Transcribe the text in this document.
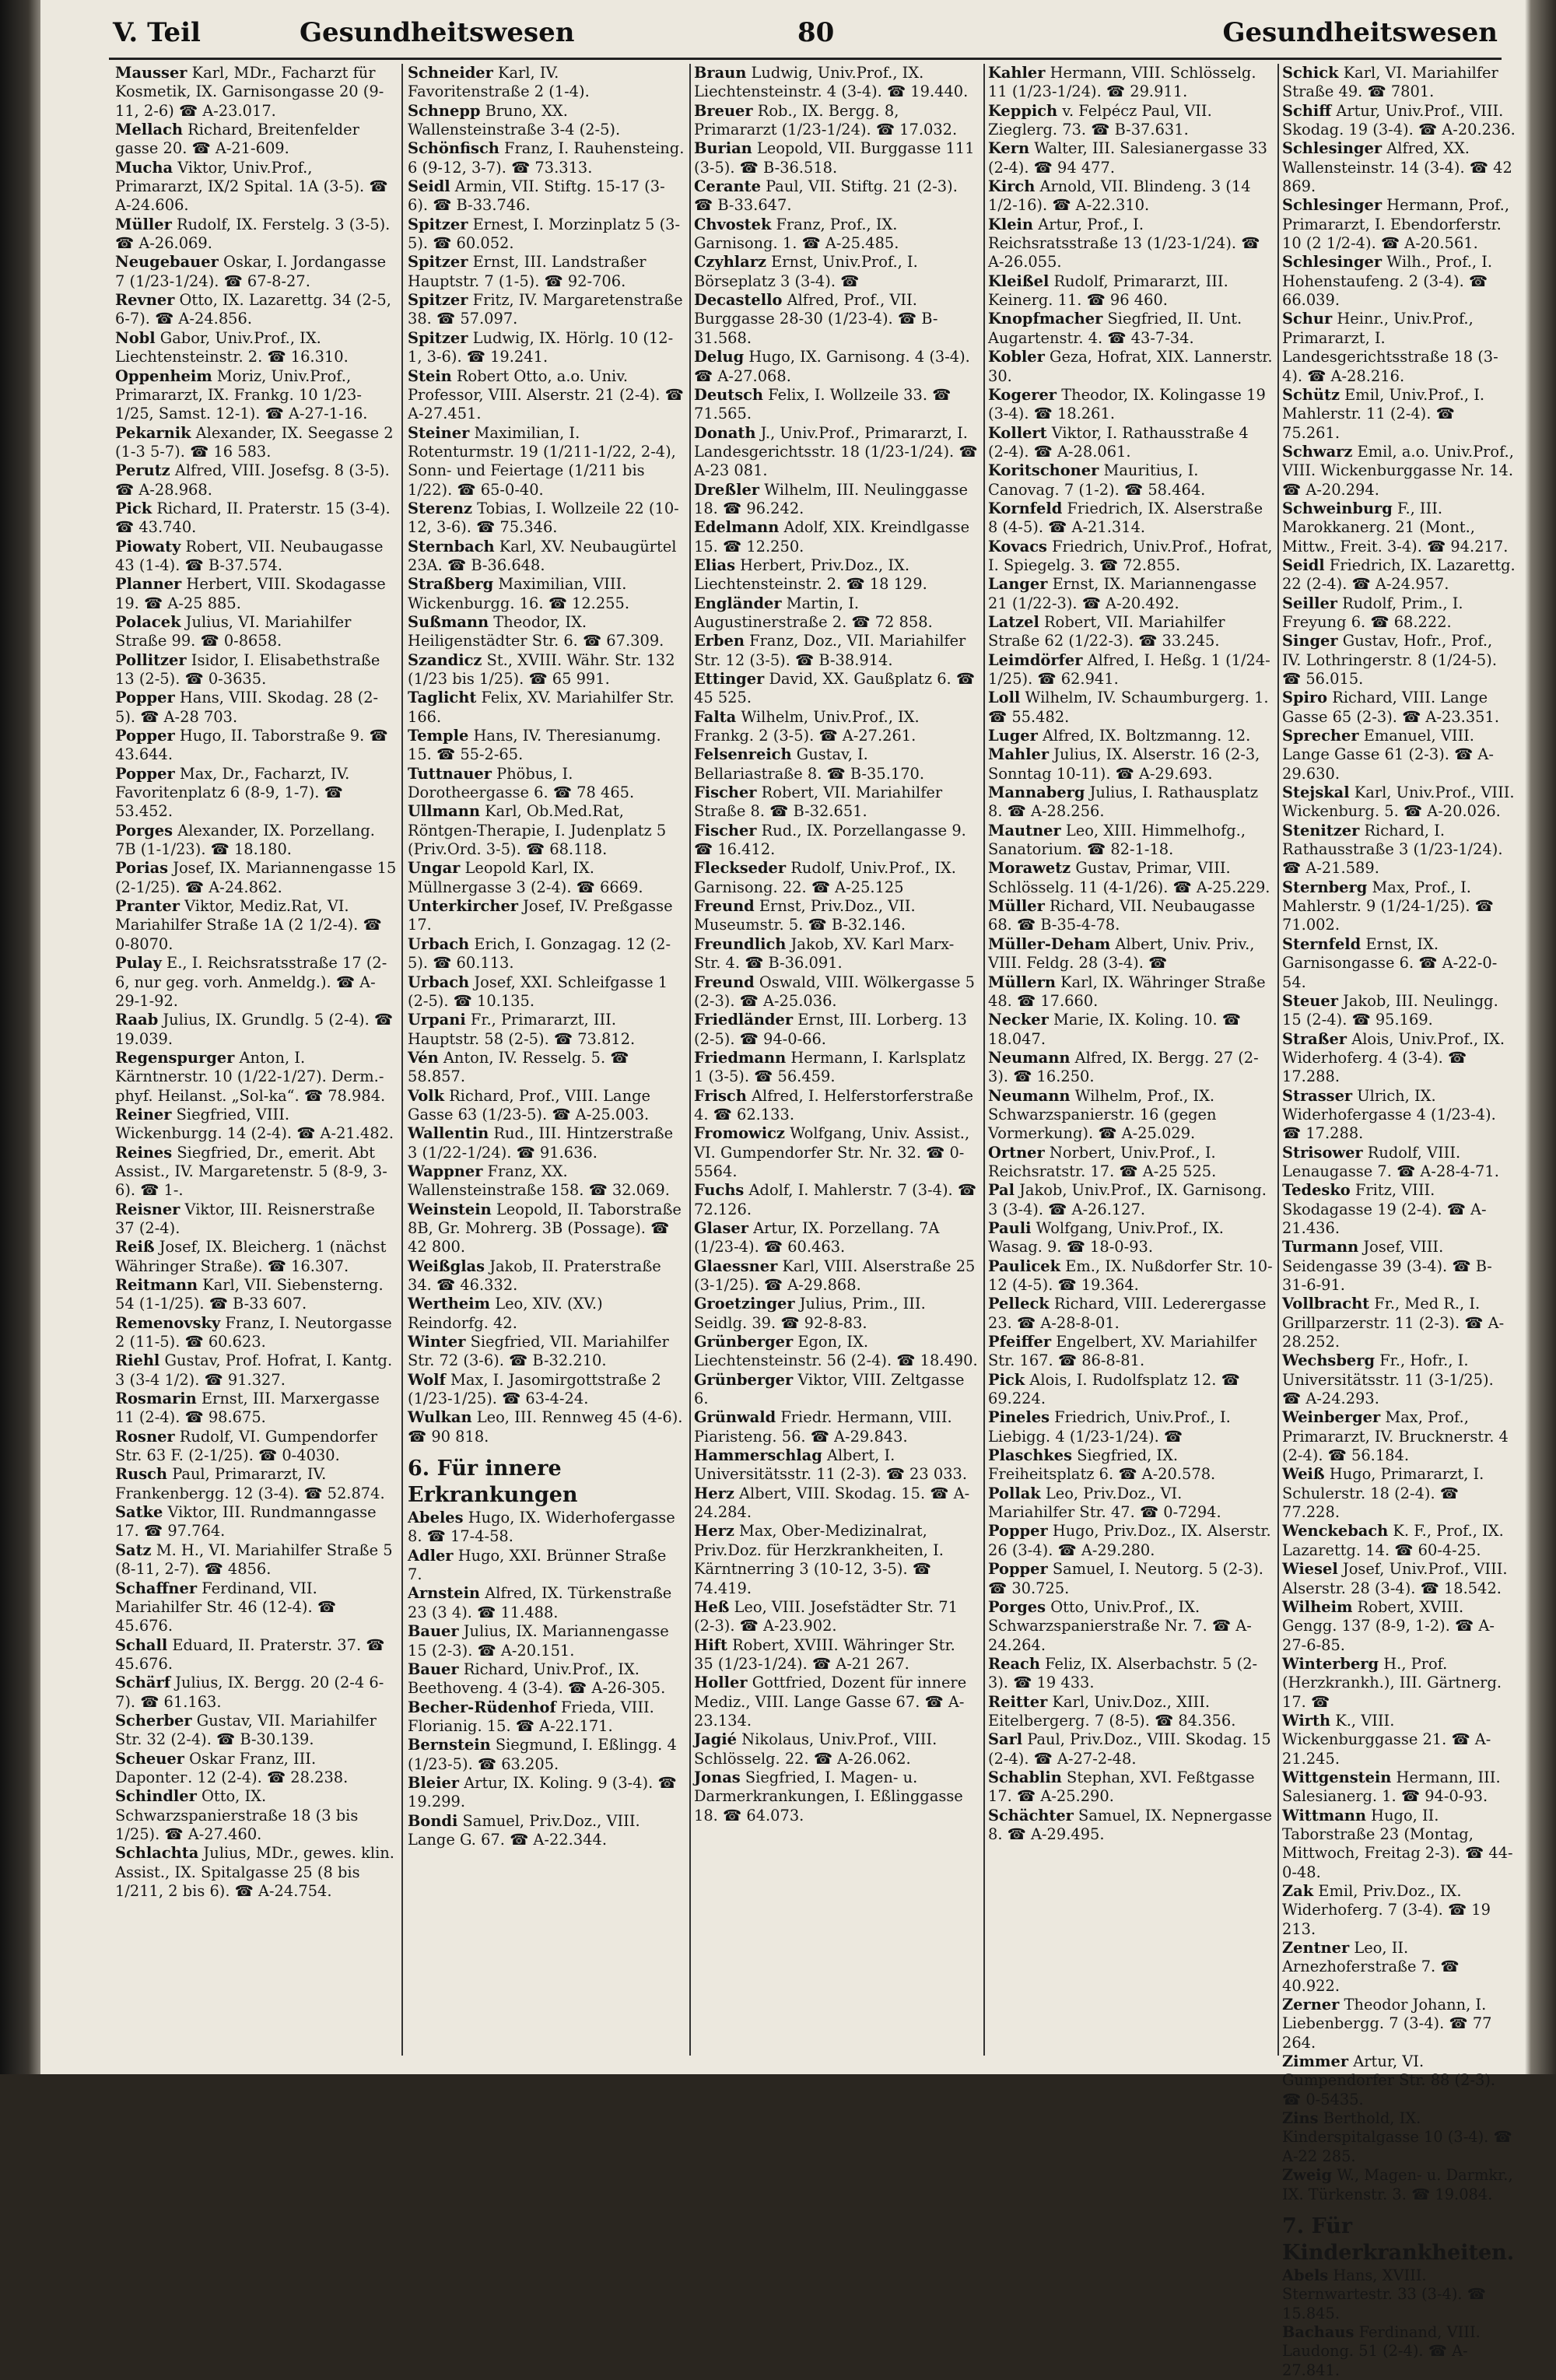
V. Teil	Gesundheitswesen	80	Gesundheitswesen
Mausser Karl, MDr., Facharzt für Kosmetik, IX. Garnisongasse 20 (9-11, 2-6) ☎ A-23.017.
Mellach Richard, Breitenfelder gasse 20. ☎ A-21-609.
Mucha Viktor, Univ.Prof., Primararzt, IX/2 Spital. 1A (3-5). ☎ A-24.606.
Müller Rudolf, IX. Ferstelg. 3 (3-5). ☎ A-26.069.
Neugebauer Oskar, I. Jordangasse 7 (1/23-1/24). ☎ 67-8-27.
Revner Otto, IX. Lazarettg. 34 (2-5, 6-7). ☎ A-24.856.
Nobl Gabor, Univ.Prof., IX. Liechtensteinstr. 2. ☎ 16.310.
Oppenheim Moriz, Univ.Prof., Primararzt, IX. Frankg. 10 1/23-1/25, Samst. 12-1). ☎ A-27-1-16.
Pekarnik Alexander, IX. Seegasse 2 (1-3 5-7). ☎ 16 583.
Perutz Alfred, VIII. Josefsg. 8 (3-5). ☎ A-28.968.
Pick Richard, II. Praterstr. 15 (3-4). ☎ 43.740.
Piowaty Robert, VII. Neubaugasse 43 (1-4). ☎ B-37.574.
Planner Herbert, VIII. Skodagasse 19. ☎ A-25 885.
Polacek Julius, VI. Mariahilfer Straße 99. ☎ 0-8658.
Pollitzer Isidor, I. Elisabethstraße 13 (2-5). ☎ 0-3635.
Popper Hans, VIII. Skodag. 28 (2-5). ☎ A-28 703.
Popper Hugo, II. Taborstraße 9. ☎ 43.644.
Popper Max, Dr., Facharzt, IV. Favoritenplatz 6 (8-9, 1-7). ☎ 53.452.
Porges Alexander, IX. Porzellang. 7B (1-1/23). ☎ 18.180.
Porias Josef, IX. Mariannengasse 15 (2-1/25). ☎ A-24.862.
Pranter Viktor, Mediz.Rat, VI. Mariahilfer Straße 1A (2 1/2-4). ☎ 0-8070.
Pulay E., I. Reichsratsstraße 17 (2-6, nur geg. vorh. Anmeldg.). ☎ A-29-1-92.
Raab Julius, IX. Grundlg. 5 (2-4). ☎ 19.039.
Regenspurger Anton, I. Kärntnerstr. 10 (1/22-1/27). Derm.-phyf. Heilanst. „Sol-ka“. ☎ 78.984.
Reiner Siegfried, VIII. Wickenburgg. 14 (2-4). ☎ A-21.482.
Reines Siegfried, Dr., emerit. Abt Assist., IV. Margaretenstr. 5 (8-9, 3-6). ☎ 1-.
Reisner Viktor, III. Reisnerstraße 37 (2-4).
Reiß Josef, IX. Bleicherg. 1 (nächst Währinger Straße). ☎ 16.307.
Reitmann Karl, VII. Siebensterng. 54 (1-1/25). ☎ B-33 607.
Remenovsky Franz, I. Neutorgasse 2 (11-5). ☎ 60.623.
Riehl Gustav, Prof. Hofrat, I. Kantg. 3 (3-4 1/2). ☎ 91.327.
Rosmarin Ernst, III. Marxergasse 11 (2-4). ☎ 98.675.
Rosner Rudolf, VI. Gumpendorfer Str. 63 F. (2-1/25). ☎ 0-4030.
Rusch Paul, Primararzt, IV. Frankenbergg. 12 (3-4). ☎ 52.874.
Satke Viktor, III. Rundmanngasse 17. ☎ 97.764.
Satz M. H., VI. Mariahilfer Straße 5 (8-11, 2-7). ☎ 4856.
Schaffner Ferdinand, VII. Mariahilfer Str. 46 (12-4). ☎ 45.676.
Schall Eduard, II. Praterstr. 37. ☎ 45.676.
Schärf Julius, IX. Bergg. 20 (2-4 6-7). ☎ 61.163.
Scherber Gustav, VII. Mariahilfer Str. 32 (2-4). ☎ B-30.139.
Scheuer Oskar Franz, III. Dapontег. 12 (2-4). ☎ 28.238.
Schindler Otto, IX. Schwarzspanierstraße 18 (3 bis 1/25). ☎ A-27.460.
Schlachta Julius, MDr., gewes. klin. Assist., IX. Spitalgasse 25 (8 bis 1/211, 2 bis 6). ☎ A-24.754.
Schneider Karl, IV. Favoritenstraße 2 (1-4).
Schnepp Bruno, XX. Wallensteinstraße 3-4 (2-5).
Schönfisch Franz, I. Rauhensteing. 6 (9-12, 3-7). ☎ 73.313.
Seidl Armin, VII. Stiftg. 15-17 (3-6). ☎ B-33.746.
Spitzer Ernest, I. Morzinplatz 5 (3-5). ☎ 60.052.
Spitzer Ernst, III. Landstraßer Hauptstr. 7 (1-5). ☎ 92-706.
Spitzer Fritz, IV. Margaretenstraße 38. ☎ 57.097.
Spitzer Ludwig, IX. Hörlg. 10 (12-1, 3-6). ☎ 19.241.
Stein Robert Otto, a.o. Univ. Professor, VIII. Alserstr. 21 (2-4). ☎ A-27.451.
Steiner Maximilian, I. Rotenturmstr. 19 (1/211-1/22, 2-4), Sonn- und Feiertage (1/211 bis 1/22). ☎ 65-0-40.
Sterenz Tobias, I. Wollzeile 22 (10-12, 3-6). ☎ 75.346.
Sternbach Karl, XV. Neubaugürtel 23A. ☎ B-36.648.
Straßberg Maximilian, VIII. Wickenburgg. 16. ☎ 12.255.
Sußmann Theodor, IX. Heiligenstädter Str. 6. ☎ 67.309.
Szandicz St., XVIII. Währ. Str. 132 (1/23 bis 1/25). ☎ 65 991.
Taglicht Felix, XV. Mariahilfer Str. 166.
Temple Hans, IV. Theresianumg. 15. ☎ 55-2-65.
Tuttnauer Phöbus, I. Dorotheergasse 6. ☎ 78 465.
Ullmann Karl, Ob.Med.Rat, Röntgen-Therapie, I. Judenplatz 5 (Priv.Ord. 3-5). ☎ 68.118.
Ungar Leopold Karl, IX. Müllnergasse 3 (2-4). ☎ 6669.
Unterkircher Josef, IV. Preßgasse 17.
Urbach Erich, I. Gonzagag. 12 (2-5). ☎ 60.113.
Urbach Josef, XXI. Schleifgasse 1 (2-5). ☎ 10.135.
Urpani Fr., Primararzt, III. Hauptstr. 58 (2-5). ☎ 73.812.
Vén Anton, IV. Resselg. 5. ☎ 58.857.
Volk Richard, Prof., VIII. Lange Gasse 63 (1/23-5). ☎ A-25.003.
Wallentin Rud., III. Hintzerstraße 3 (1/22-1/24). ☎ 91.636.
Wappner Franz, XX. Wallensteinstraße 158. ☎ 32.069.
Weinstein Leopold, II. Taborstraße 8B, Gr. Mohrerg. 3B (Possage). ☎ 42 800.
Weißglas Jakob, II. Praterstraße 34. ☎ 46.332.
Wertheim Leo, XIV. (XV.) Reindorfg. 42.
Winter Siegfried, VII. Mariahilfer Str. 72 (3-6). ☎ B-32.210.
Wolf Max, I. Jasomirgottstraße 2 (1/23-1/25). ☎ 63-4-24.
Wulkan Leo, III. Rennweg 45 (4-6). ☎ 90 818.
6. Für innere Erkrankungen
Abeles Hugo, IX. Widerhofergasse 8. ☎ 17-4-58.
Adler Hugo, XXI. Brünner Straße 7.
Arnstein Alfred, IX. Türkenstraße 23 (3 4). ☎ 11.488.
Bauer Julius, IX. Mariannengasse 15 (2-3). ☎ A-20.151.
Bauer Richard, Univ.Prof., IX. Beethoveng. 4 (3-4). ☎ A-26-305.
Becher-Rüdenhof Frieda, VIII. Florianig. 15. ☎ A-22.171.
Bernstein Siegmund, I. Eßlingg. 4 (1/23-5). ☎ 63.205.
Bleier Artur, IX. Koling. 9 (3-4). ☎ 19.299.
Bondi Samuel, Priv.Doz., VIII. Lange G. 67. ☎ A-22.344.
Braun Ludwig, Univ.Prof., IX. Liechtensteinstr. 4 (3-4). ☎ 19.440.
Breuer Rob., IX. Bergg. 8, Primararzt (1/23-1/24). ☎ 17.032.
Burian Leopold, VII. Burggasse 111 (3-5). ☎ B-36.518.
Cerante Paul, VII. Stiftg. 21 (2-3). ☎ B-33.647.
Chvostek Franz, Prof., IX. Garnisong. 1. ☎ A-25.485.
Czyhlarz Ernst, Univ.Prof., I. Börseplatz 3 (3-4). ☎
Decastello Alfred, Prof., VII. Burggasse 28-30 (1/23-4). ☎ B-31.568.
Delug Hugo, IX. Garnisong. 4 (3-4). ☎ A-27.068.
Deutsch Felix, I. Wollzeile 33. ☎ 71.565.
Donath J., Univ.Prof., Primararzt, I. Landesgerichtsstr. 18 (1/23-1/24). ☎ A-23 081.
Dreßler Wilhelm, III. Neulinggasse 18. ☎ 96.242.
Edelmann Adolf, XIX. Kreindlgasse 15. ☎ 12.250.
Elias Herbert, Priv.Doz., IX. Liechtensteinstr. 2. ☎ 18 129.
Engländer Martin, I. Augustinerstraße 2. ☎ 72 858.
Erben Franz, Doz., VII. Mariahilfer Str. 12 (3-5). ☎ B-38.914.
Ettinger David, XX. Gaußplatz 6. ☎ 45 525.
Falta Wilhelm, Univ.Prof., IX. Frankg. 2 (3-5). ☎ A-27.261.
Felsenreich Gustav, I. Bellariastraße 8. ☎ B-35.170.
Fischer Robert, VII. Mariahilfer Straße 8. ☎ B-32.651.
Fischer Rud., IX. Porzellangasse 9. ☎ 16.412.
Fleckseder Rudolf, Univ.Prof., IX. Garnisong. 22. ☎ A-25.125
Freund Ernst, Priv.Doz., VII. Museumstr. 5. ☎ B-32.146.
Freundlich Jakob, XV. Karl Marx-Str. 4. ☎ B-36.091.
Freund Oswald, VIII. Wölkergasse 5 (2-3). ☎ A-25.036.
Friedländer Ernst, III. Lorberg. 13 (2-5). ☎ 94-0-66.
Friedmann Hermann, I. Karlsplatz 1 (3-5). ☎ 56.459.
Frisch Alfred, I. Helferstorferstraße 4. ☎ 62.133.
Fromowicz Wolfgang, Univ. Assist., VI. Gumpendorfer Str. Nr. 32. ☎ 0-5564.
Fuchs Adolf, I. Mahlerstr. 7 (3-4). ☎ 72.126.
Glaser Artur, IX. Porzellang. 7A (1/23-4). ☎ 60.463.
Glaessner Karl, VIII. Alserstraße 25 (3-1/25). ☎ A-29.868.
Groetzinger Julius, Prim., III. Seidlg. 39. ☎ 92-8-83.
Grünberger Egon, IX. Liechtensteinstr. 56 (2-4). ☎ 18.490.
Grünberger Viktor, VIII. Zeltgasse 6.
Grünwald Friedr. Hermann, VIII. Piaristeng. 56. ☎ A-29.843.
Hammerschlag Albert, I. Universitätsstr. 11 (2-3). ☎ 23 033.
Herz Albert, VIII. Skodag. 15. ☎ A-24.284.
Herz Max, Ober-Medizinalrat, Priv.Doz. für Herzkrankheiten, I. Kärntnerring 3 (10-12, 3-5). ☎ 74.419.
Heß Leo, VIII. Josefstädter Str. 71 (2-3). ☎ A-23.902.
Hift Robert, XVIII. Währinger Str. 35 (1/23-1/24). ☎ A-21 267.
Holler Gottfried, Dozent für innere Mediz., VIII. Lange Gasse 67. ☎ A-23.134.
Jagié Nikolaus, Univ.Prof., VIII. Schlösselg. 22. ☎ A-26.062.
Jonas Siegfried, I. Magen- u. Darmerkrankungen, I. Eßlinggasse 18. ☎ 64.073.
Kahler Hermann, VIII. Schlösselg. 11 (1/23-1/24). ☎ 29.911.
Keppich v. Felpécz Paul, VII. Zieglerg. 73. ☎ B-37.631.
Kern Walter, III. Salesianergasse 33 (2-4). ☎ 94 477.
Kirch Arnold, VII. Blindeng. 3 (14 1/2-16). ☎ A-22.310.
Klein Artur, Prof., I. Reichsratsstraße 13 (1/23-1/24). ☎ A-26.055.
Kleißel Rudolf, Primararzt, III. Keinerg. 11. ☎ 96 460.
Knopfmacher Siegfried, II. Unt. Augartenstr. 4. ☎ 43-7-34.
Kobler Geza, Hofrat, XIX. Lannerstr. 30.
Kogerer Theodor, IX. Kolingasse 19 (3-4). ☎ 18.261.
Kollert Viktor, I. Rathausstraße 4 (2-4). ☎ A-28.061.
Koritschoner Mauritius, I. Canovag. 7 (1-2). ☎ 58.464.
Kornfeld Friedrich, IX. Alserstraße 8 (4-5). ☎ A-21.314.
Kovacs Friedrich, Univ.Prof., Hofrat, I. Spiegelg. 3. ☎ 72.855.
Langer Ernst, IX. Mariannengasse 21 (1/22-3). ☎ A-20.492.
Latzel Robert, VII. Mariahilfer Straße 62 (1/22-3). ☎ 33.245.
Leimdörfer Alfred, I. Heßg. 1 (1/24-1/25). ☎ 62.941.
Loll Wilhelm, IV. Schaumburgerg. 1. ☎ 55.482.
Luger Alfred, IX. Boltzmanng. 12.
Mahler Julius, IX. Alserstr. 16 (2-3, Sonntag 10-11). ☎ A-29.693.
Mannaberg Julius, I. Rathausplatz 8. ☎ A-28.256.
Mautner Leo, XIII. Himmelhofg., Sanatorium. ☎ 82-1-18.
Morawetz Gustav, Primar, VIII. Schlösselg. 11 (4-1/26). ☎ A-25.229.
Müller Richard, VII. Neubaugasse 68. ☎ B-35-4-78.
Müller-Deham Albert, Univ. Priv., VIII. Feldg. 28 (3-4). ☎
Müllern Karl, IX. Währinger Straße 48. ☎ 17.660.
Necker Marie, IX. Koling. 10. ☎ 18.047.
Neumann Alfred, IX. Bergg. 27 (2-3). ☎ 16.250.
Neumann Wilhelm, Prof., IX. Schwarzspanierstr. 16 (gegen Vormerkung). ☎ A-25.029.
Ortner Norbert, Univ.Prof., I. Reichsratstr. 17. ☎ A-25 525.
Pal Jakob, Univ.Prof., IX. Garnisong. 3 (3-4). ☎ A-26.127.
Pauli Wolfgang, Univ.Prof., IX. Wasag. 9. ☎ 18-0-93.
Paulicek Em., IX. Nußdorfer Str. 10-12 (4-5). ☎ 19.364.
Pelleck Richard, VIII. Lederergasse 23. ☎ A-28-8-01.
Pfeiffer Engelbert, XV. Mariahilfer Str. 167. ☎ 86-8-81.
Pick Alois, I. Rudolfsplatz 12. ☎ 69.224.
Pineles Friedrich, Univ.Prof., I. Liebigg. 4 (1/23-1/24). ☎
Plaschkes Siegfried, IX. Freiheitsplatz 6. ☎ A-20.578.
Pollak Leo, Priv.Doz., VI. Mariahilfer Str. 47. ☎ 0-7294.
Popper Hugo, Priv.Doz., IX. Alserstr. 26 (3-4). ☎ A-29.280.
Popper Samuel, I. Neutorg. 5 (2-3). ☎ 30.725.
Porges Otto, Univ.Prof., IX. Schwarzspanierstraße Nr. 7. ☎ A-24.264.
Reach Feliz, IX. Alserbachstr. 5 (2-3). ☎ 19 433.
Reitter Karl, Univ.Doz., XIII. Eitelbergerg. 7 (8-5). ☎ 84.356.
Sarl Paul, Priv.Doz., VIII. Skodag. 15 (2-4). ☎ A-27-2-48.
Schablin Stephan, XVI. Feßtgasse 17. ☎ A-25.290.
Schächter Samuel, IX. Nepnergasse 8. ☎ A-29.495.
Schick Karl, VI. Mariahilfer Straße 49. ☎ 7801.
Schiff Artur, Univ.Prof., VIII. Skodag. 19 (3-4). ☎ A-20.236.
Schlesinger Alfred, XX. Wallensteinstr. 14 (3-4). ☎ 42 869.
Schlesinger Hermann, Prof., Primararzt, I. Ebendorferstr. 10 (2 1/2-4). ☎ A-20.561.
Schlesinger Wilh., Prof., I. Hohenstaufeng. 2 (3-4). ☎ 66.039.
Schur Heinr., Univ.Prof., Primararzt, I. Landesgerichtsstraße 18 (3-4). ☎ A-28.216.
Schütz Emil, Univ.Prof., I. Mahlerstr. 11 (2-4). ☎ 75.261.
Schwarz Emil, a.o. Univ.Prof., VIII. Wickenburggasse Nr. 14. ☎ A-20.294.
Schweinburg F., III. Marokkanerg. 21 (Mont., Mittw., Freit. 3-4). ☎ 94.217.
Seidl Friedrich, IX. Lazarettg. 22 (2-4). ☎ A-24.957.
Seiller Rudolf, Prim., I. Freyung 6. ☎ 68.222.
Singer Gustav, Hofr., Prof., IV. Lothringerstr. 8 (1/24-5). ☎ 56.015.
Spiro Richard, VIII. Lange Gasse 65 (2-3). ☎ A-23.351.
Sprecher Emanuel, VIII. Lange Gasse 61 (2-3). ☎ A-29.630.
Stejskal Karl, Univ.Prof., VIII. Wickenburg. 5. ☎ A-20.026.
Stenitzer Richard, I. Rathausstraße 3 (1/23-1/24). ☎ A-21.589.
Sternberg Max, Prof., I. Mahlerstr. 9 (1/24-1/25). ☎ 71.002.
Sternfeld Ernst, IX. Garnisongasse 6. ☎ A-22-0-54.
Steuer Jakob, III. Neulingg. 15 (2-4). ☎ 95.169.
Straßer Alois, Univ.Prof., IX. Widerhoferg. 4 (3-4). ☎ 17.288.
Strasser Ulrich, IX. Widerhofergasse 4 (1/23-4). ☎ 17.288.
Strisower Rudolf, VIII. Lenaugasse 7. ☎ A-28-4-71.
Tedesko Fritz, VIII. Skodagasse 19 (2-4). ☎ A-21.436.
Turmann Josef, VIII. Seidengasse 39 (3-4). ☎ B-31-6-91.
Vollbracht Fr., Med R., I. Grillparzerstr. 11 (2-3). ☎ A-28.252.
Wechsberg Fr., Hofr., I. Universitätsstr. 11 (3-1/25). ☎ A-24.293.
Weinberger Max, Prof., Primararzt, IV. Brucknerstr. 4 (2-4). ☎ 56.184.
Weiß Hugo, Primararzt, I. Schulerstr. 18 (2-4). ☎ 77.228.
Wenckebach K. F., Prof., IX. Lazarettg. 14. ☎ 60-4-25.
Wiesel Josef, Univ.Prof., VIII. Alserstr. 28 (3-4). ☎ 18.542.
Wilheim Robert, XVIII. Gengg. 137 (8-9, 1-2). ☎ A-27-6-85.
Winterberg H., Prof. (Herzkrankh.), III. Gärtnerg. 17. ☎
Wirth K., VIII. Wickenburggasse 21. ☎ A-21.245.
Wittgenstein Hermann, III. Salesianerg. 1. ☎ 94-0-93.
Wittmann Hugo, II. Taborstraße 23 (Montag, Mittwoch, Freitag 2-3). ☎ 44-0-48.
Zak Emil, Priv.Doz., IX. Widerhoferg. 7 (3-4). ☎ 19 213.
Zentner Leo, II. Arnezhoferstraße 7. ☎ 40.922.
Zerner Theodor Johann, I. Liebenbergg. 7 (3-4). ☎ 77 264.
Zimmer Artur, VI. Gumpendorfer Str. 88 (2-3). ☎ 0-5435.
Zins Berthold, IX. Kinderspitalgasse 10 (3-4). ☎ A-22 285.
Zweig W., Magen- u. Darmkr., IX. Türkenstr. 3. ☎ 19.084.
7. Für Kinderkrankheiten.
Abels Hans, XVIII. Sternwartestr. 33 (3-4). ☎ 15.845.
Bachaus Ferdinand, VIII. Laudong. 51 (2-4). ☎ A-27.841.
